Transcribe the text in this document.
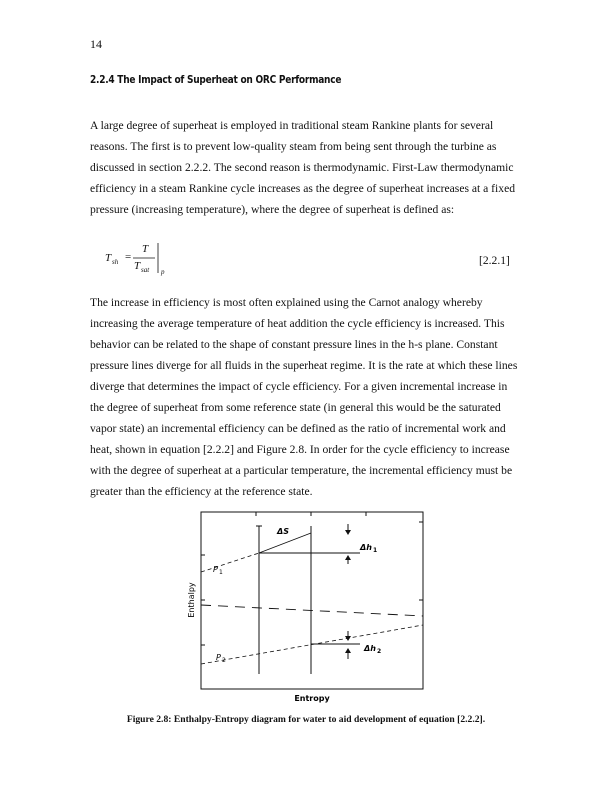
14
2.2.4 The Impact of Superheat on ORC Performance

A large degree of superheat is employed in traditional steam Rankine plants for several reasons. The first is to prevent low-quality steam from being sent through the turbine as discussed in section 2.2.2. The second reason is thermodynamic. First-Law thermodynamic efficiency in a steam Rankine cycle increases as the degree of superheat increases at a fixed pressure (increasing temperature), where the degree of superheat is defined as:

T sh =
T
T sat p
[2.2.1]

The increase in efficiency is most often explained using the Carnot analogy whereby increasing the average temperature of heat addition the cycle efficiency is increased. This behavior can be related to the shape of constant pressure lines in the h-s plane. Constant pressure lines diverge for all fluids in the superheat regime. It is the rate at which these lines diverge that determines the impact of cycle efficiency. For a given incremental increase in the degree of superheat from some reference state (in general this would be the saturated vapor state) an incremental efficiency can be defined as the ratio of incremental work and heat, shown in equation [2.2.2] and Figure 2.8. In order for the cycle efficiency to increase with the degree of superheat at a particular temperature, the incremental efficiency must be greater than the efficiency at the reference state.

ΔS
Δh 1
P 1
Δh 2
P 2
Entropy
Enthalpy
Figure 2.8: Enthalpy-Entropy diagram for water to aid development of equation [2.2.2].
